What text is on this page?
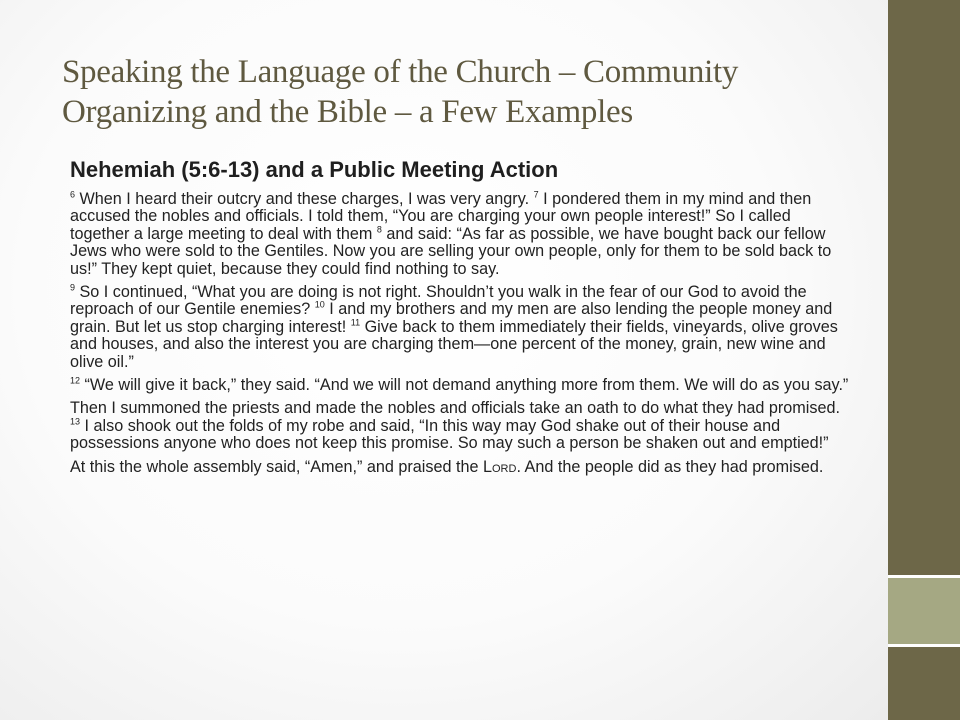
Speaking the Language of the Church – Community Organizing and the Bible – a Few Examples
Nehemiah (5:6-13) and a Public Meeting Action

$^6$ When I heard their outcry and these charges, I was very angry. $^7$ I pondered them in my mind and then accused the nobles and officials. I told them, “You are charging your own people interest!” So I called together a large meeting to deal with them $^8$ and said: “As far as possible, we have bought back our fellow Jews who were sold to the Gentiles. Now you are selling your own people, only for them to be sold back to us!” They kept quiet, because they could find nothing to say.

$^9$ So I continued, “What you are doing is not right. Shouldn’t you walk in the fear of our God to avoid the reproach of our Gentile enemies? $^{10}$ I and my brothers and my men are also lending the people money and grain. But let us stop charging interest! $^{11}$ Give back to them immediately their fields, vineyards, olive groves and houses, and also the interest you are charging them—one percent of the money, grain, new wine and olive oil.”

$^{12}$ “We will give it back,” they said. “And we will not demand anything more from them. We will do as you say.”

Then I summoned the priests and made the nobles and officials take an oath to do what they had promised. $^{13}$ I also shook out the folds of my robe and said, “In this way may God shake out of their house and possessions anyone who does not keep this promise. So may such a person be shaken out and emptied!”

At this the whole assembly said, “Amen,” and praised the Lord. And the people did as they had promised.
